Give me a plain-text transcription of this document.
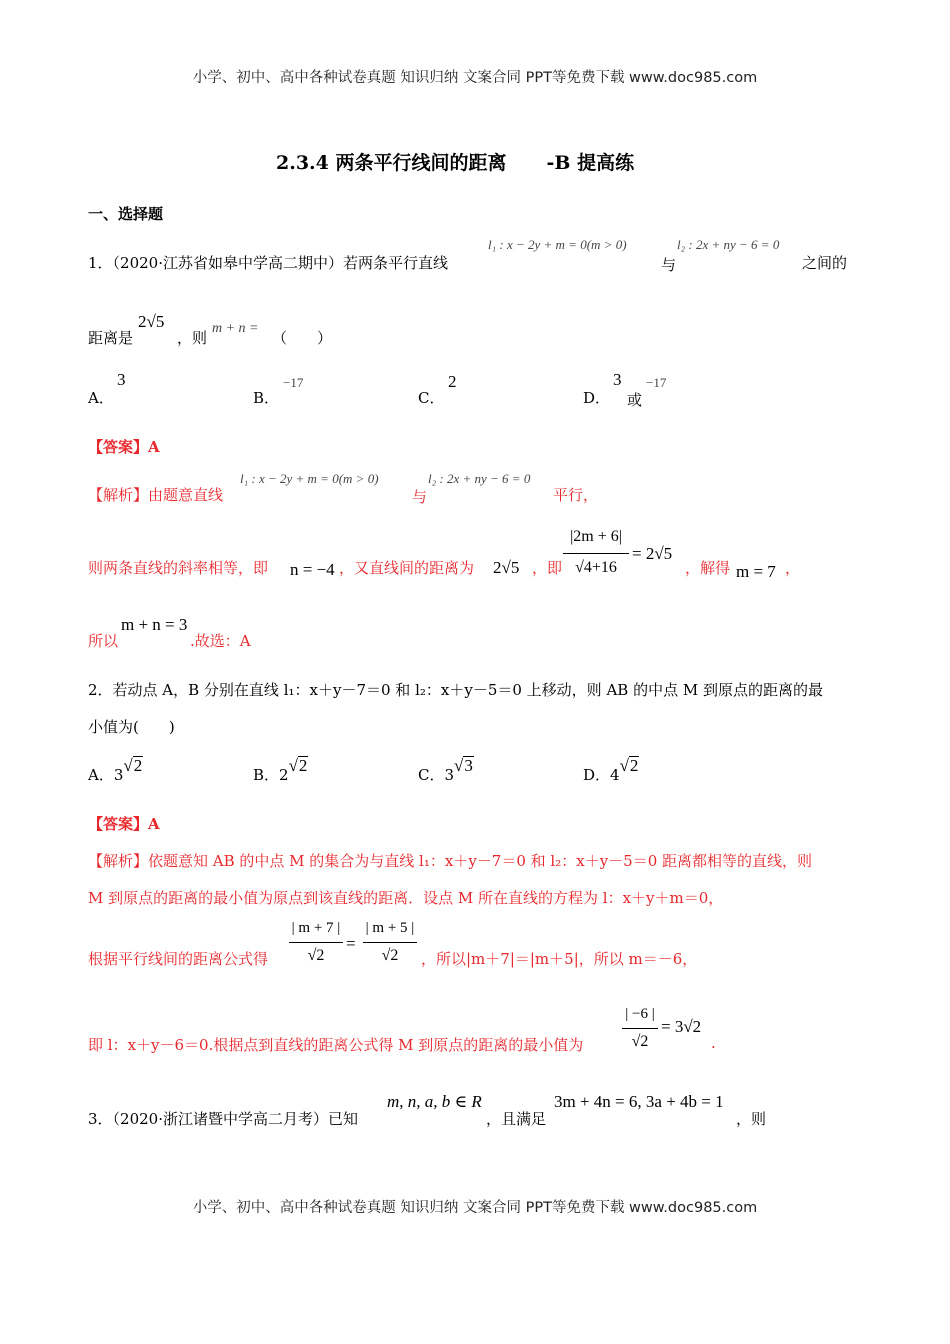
小学、初中、高中各种试卷真题 知识归纳 文案合同 PPT等免费下载 www.doc985.com
小学、初中、高中各种试卷真题 知识归纳 文案合同 PPT等免费下载 www.doc985.com
2.3.4 两条平行线间的距离 -B 提高练
一、选择题
1．（2020·江苏省如皋中学高二期中）若两条平行直线
l₁ : x − 2y + m = 0(m > 0)
与
l₂ : 2x + ny − 6 = 0
之间的
距离是
2√5
，则
m + n =
（　　）
A．
3
B．
−17
C．
2
D．
3
或
−17
【答案】A
【解析】由题意直线
l₁ : x − 2y + m = 0(m > 0)
与
l₂ : 2x + ny − 6 = 0
平行，
则两条直线的斜率相等，即 n = −4 ，又直线间的距离为 2√5 ，即
|2m + 6|
√4+16
= 2√5
，解得 m = 7 ，
所以
m + n = 3
.故选：A
2．若动点 A，B 分别在直线 l₁：x＋y－7＝0 和 l₂：x＋y－5＝0 上移动，则 AB 的中点 M 到原点的距离的最
小值为(　　)
A．3√2	B．2√2	C．3√3	D．4√2
【答案】A
【解析】依题意知 AB 的中点 M 的集合为与直线 l₁：x＋y－7＝0 和 l₂：x＋y－5＝0 距离都相等的直线，则
M 到原点的距离的最小值为原点到该直线的距离．设点 M 所在直线的方程为 l：x＋y＋m＝0，
根据平行线间的距离公式得
| m + 7 |
√2
=
| m + 5 |
√2	，所以|m＋7|＝|m＋5|，所以 m＝－6，
即 l：x＋y－6＝0.根据点到直线的距离公式得 M 到原点的距离的最小值为
| −6 |
√2
= 3√2
.
3．（2020·浙江诸暨中学高二月考）已知
m, n, a, b ∈ R
，且满足
3m + 4n = 6, 3a + 4b = 1
，则
